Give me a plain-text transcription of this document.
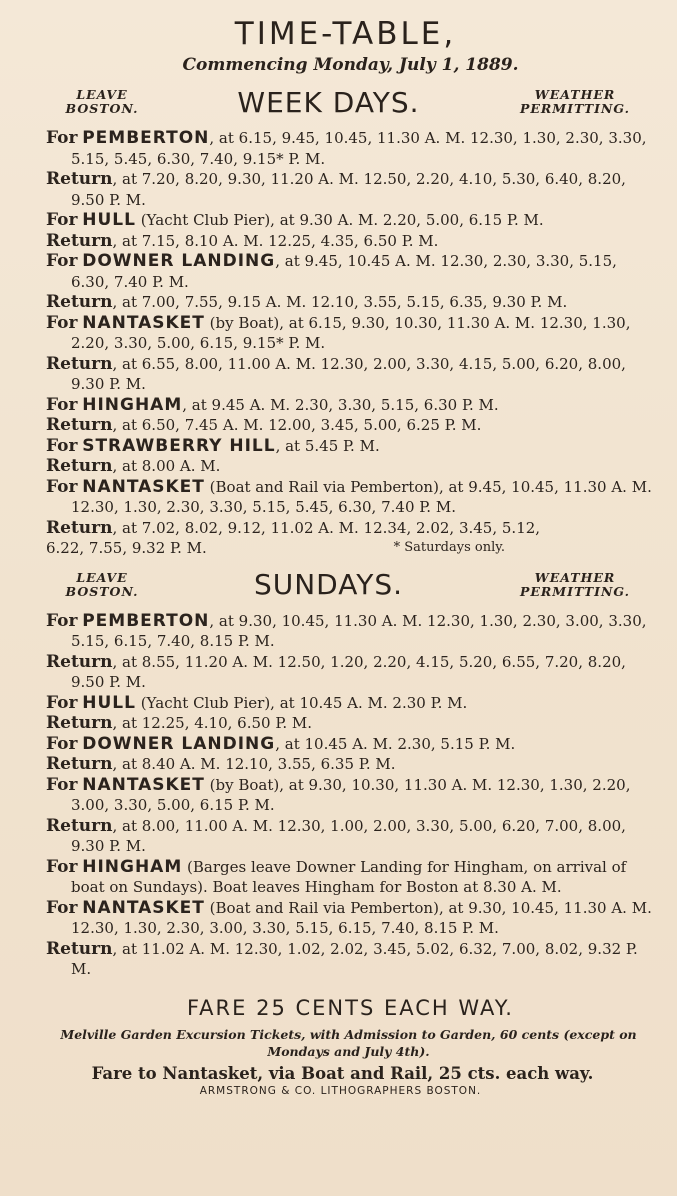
TIME-TABLE,

Commencing Monday, July 1, 1889.

LEAVE BOSTON.	WEEK DAYS.	WEATHER PERMITTING.
For PEMBERTON, at 6.15, 9.45, 10.45, 11.30 A. M. 12.30, 1.30, 2.30, 3.30, 5.15, 5.45, 6.30, 7.40, 9.15* P. M.
Return, at 7.20, 8.20, 9.30, 11.20 A. M. 12.50, 2.20, 4.10, 5.30, 6.40, 8.20, 9.50 P. M.
For HULL (Yacht Club Pier), at 9.30 A. M. 2.20, 5.00, 6.15 P. M.
Return, at 7.15, 8.10 A. M. 12.25, 4.35, 6.50 P. M.
For DOWNER LANDING, at 9.45, 10.45 A. M. 12.30, 2.30, 3.30, 5.15, 6.30, 7.40 P. M.
Return, at 7.00, 7.55, 9.15 A. M. 12.10, 3.55, 5.15, 6.35, 9.30 P. M.
For NANTASKET (by Boat), at 6.15, 9.30, 10.30, 11.30 A. M. 12.30, 1.30, 2.20, 3.30, 5.00, 6.15, 9.15* P. M.
Return, at 6.55, 8.00, 11.00 A. M. 12.30, 2.00, 3.30, 4.15, 5.00, 6.20, 8.00, 9.30 P. M.
For HINGHAM, at 9.45 A. M. 2.30, 3.30, 5.15, 6.30 P. M.
Return, at 6.50, 7.45 A. M. 12.00, 3.45, 5.00, 6.25 P. M.
For STRAWBERRY HILL, at 5.45 P. M.
Return, at 8.00 A. M.
For NANTASKET (Boat and Rail via Pemberton), at 9.45, 10.45, 11.30 A. M. 12.30, 1.30, 2.30, 3.30, 5.15, 5.45, 6.30, 7.40 P. M.
Return, at 7.02, 8.02, 9.12, 11.02 A. M. 12.34, 2.02, 3.45, 5.12,
6.22, 7.55, 9.32 P. M.	* Saturdays only.
LEAVE BOSTON.	SUNDAYS.	WEATHER PERMITTING.
For PEMBERTON, at 9.30, 10.45, 11.30 A. M. 12.30, 1.30, 2.30, 3.00, 3.30, 5.15, 6.15, 7.40, 8.15 P. M.
Return, at 8.55, 11.20 A. M. 12.50, 1.20, 2.20, 4.15, 5.20, 6.55, 7.20, 8.20, 9.50 P. M.
For HULL (Yacht Club Pier), at 10.45 A. M. 2.30 P. M.
Return, at 12.25, 4.10, 6.50 P. M.
For DOWNER LANDING, at 10.45 A. M. 2.30, 5.15 P. M.
Return, at 8.40 A. M. 12.10, 3.55, 6.35 P. M.
For NANTASKET (by Boat), at 9.30, 10.30, 11.30 A. M. 12.30, 1.30, 2.20, 3.00, 3.30, 5.00, 6.15 P. M.
Return, at 8.00, 11.00 A. M. 12.30, 1.00, 2.00, 3.30, 5.00, 6.20, 7.00, 8.00, 9.30 P. M.
For HINGHAM (Barges leave Downer Landing for Hingham, on arrival of boat on Sundays). Boat leaves Hingham for Boston at 8.30 A. M.
For NANTASKET (Boat and Rail via Pemberton), at 9.30, 10.45, 11.30 A. M. 12.30, 1.30, 2.30, 3.00, 3.30, 5.15, 6.15, 7.40, 8.15 P. M.
Return, at 11.02 A. M. 12.30, 1.02, 2.02, 3.45, 5.02, 6.32, 7.00, 8.02, 9.32 P. M.
FARE 25 CENTS EACH WAY.
Melville Garden Excursion Tickets, with Admission to Garden, 60 cents (except on Mondays and July 4th).
Fare to Nantasket, via Boat and Rail, 25 cts. each way.
ARMSTRONG & CO. LITHOGRAPHERS BOSTON.
